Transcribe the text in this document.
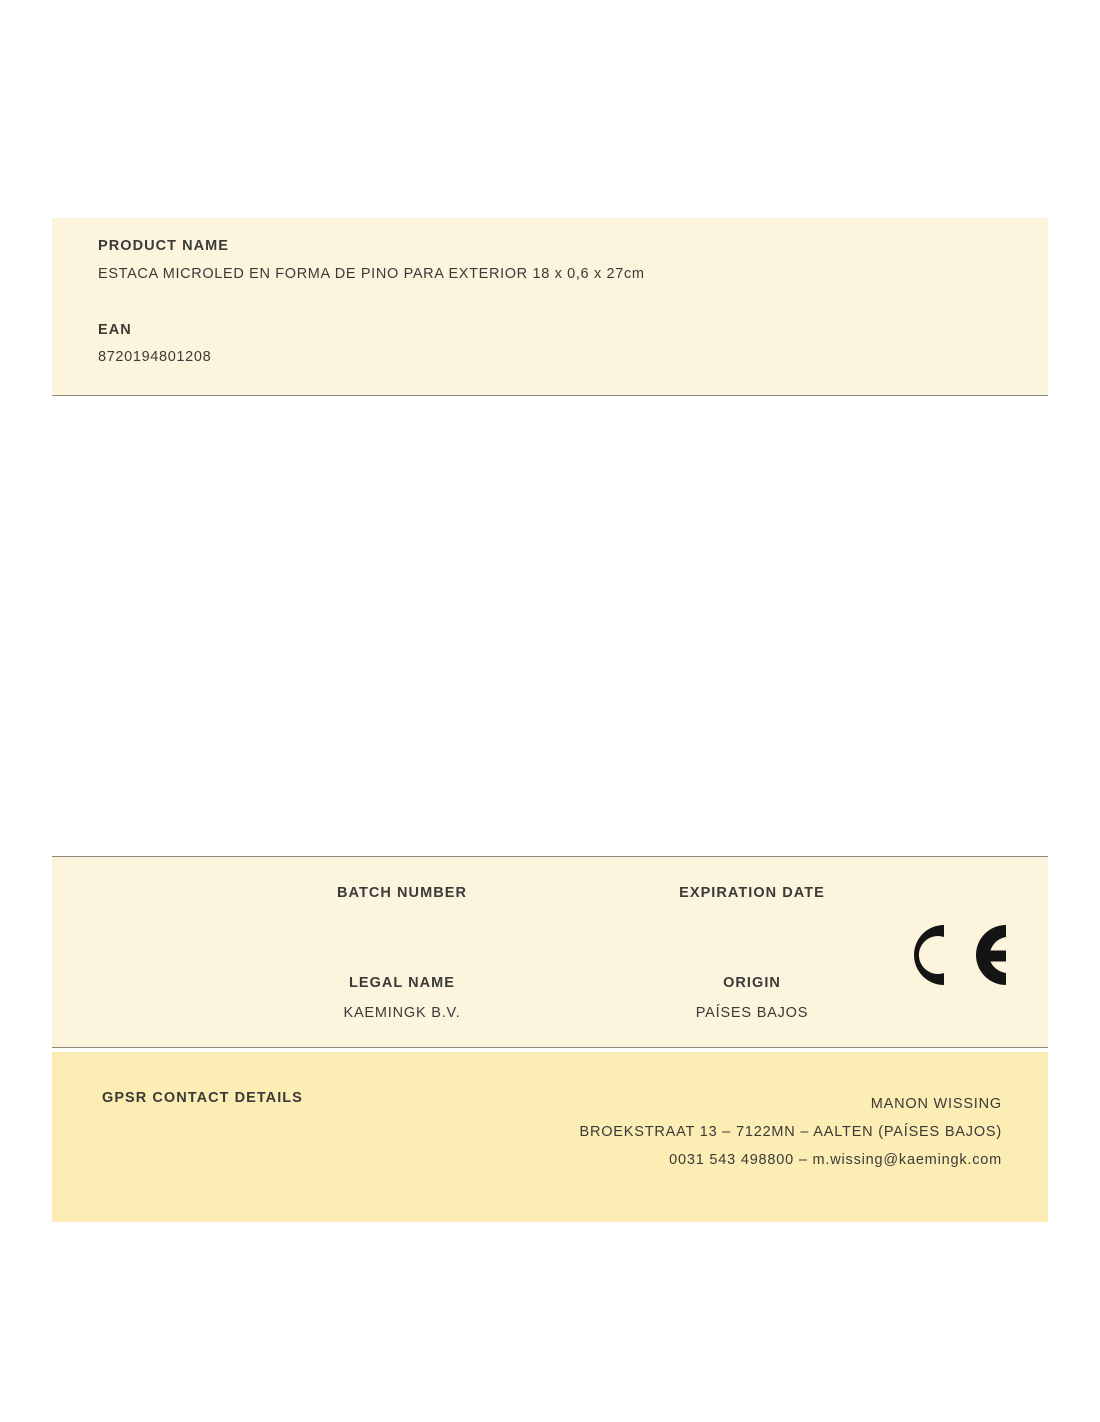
PRODUCT NAME
ESTACA MICROLED EN FORMA DE PINO PARA EXTERIOR 18 x 0,6 x 27cm
EAN
8720194801208
BATCH NUMBER	EXPIRATION DATE
LEGAL NAME
KAEMINGK B.V.
ORIGIN
PAÍSES BAJOS
GPSR CONTACT DETAILS	MANON WISSING
BROEKSTRAAT 13 – 7122MN – AALTEN (PAÍSES BAJOS)
0031 543 498800 – m.wissing@kaemingk.com
